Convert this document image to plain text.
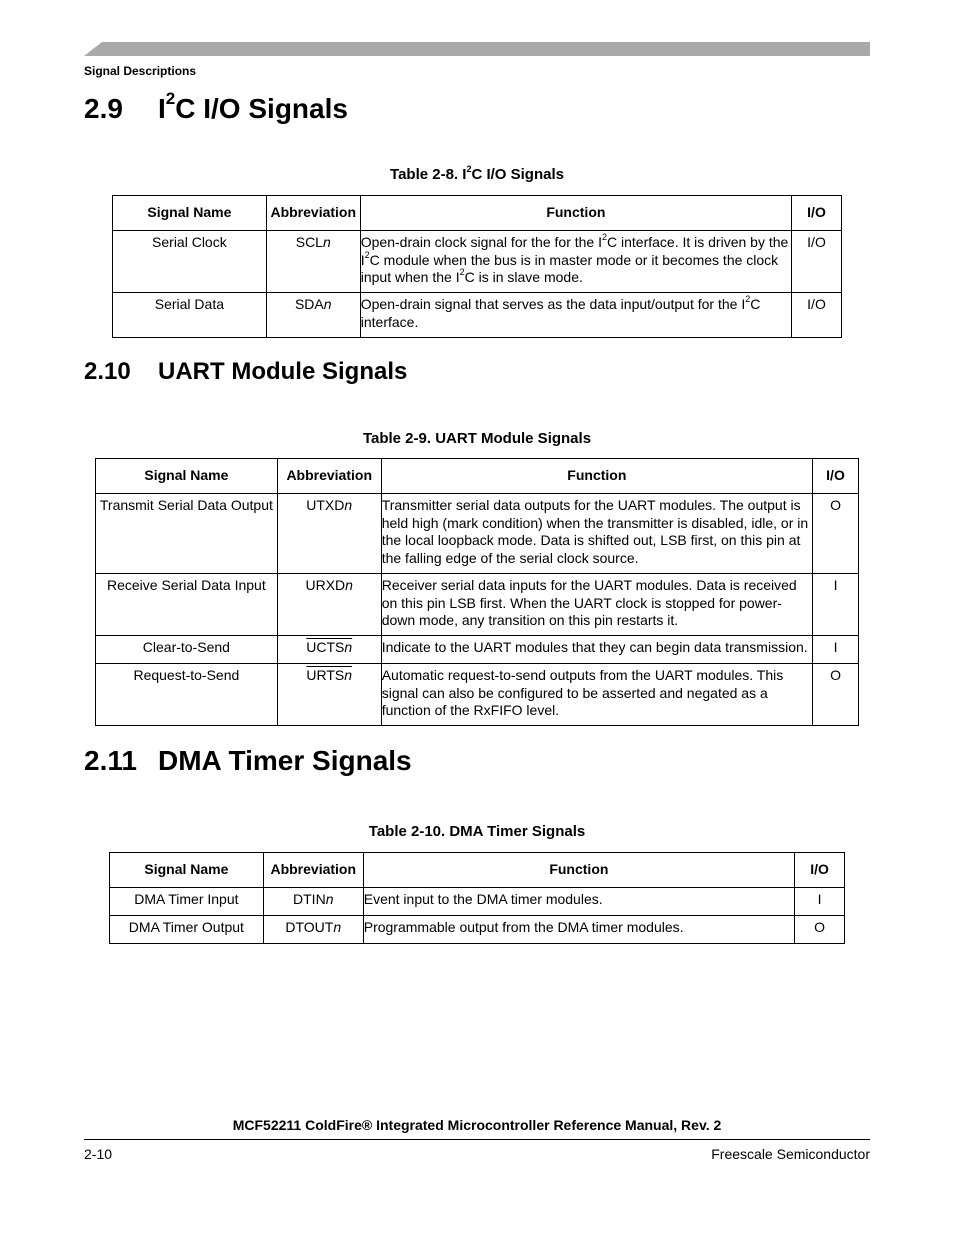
Signal Descriptions
2.9 $I^2C$ I/O Signals
Table 2-8. $I^2C$ I/O Signals
Signal Name	Abbreviation	Function	I/O
Serial Clock	SCLn	Open-drain clock signal for the for the $I^2C$ interface. It is driven by the $I^2C$ module when the bus is in master mode or it becomes the clock input when the $I^2C$ is in slave mode.	I/O
Serial Data	SDAn	Open-drain signal that serves as the data input/output for the $I^2C$ interface.	I/O
2.10 UART Module Signals
Table 2-9. UART Module Signals
Signal Name	Abbreviation	Function	I/O
Transmit Serial Data Output	UTXDn	Transmitter serial data outputs for the UART modules. The output is held high (mark condition) when the transmitter is disabled, idle, or in the local loopback mode. Data is shifted out, LSB first, on this pin at the falling edge of the serial clock source.	O
Receive Serial Data Input	URXDn	Receiver serial data inputs for the UART modules. Data is received on this pin LSB first. When the UART clock is stopped for power-down mode, any transition on this pin restarts it.	I
Clear-to-Send	UCTSn	Indicate to the UART modules that they can begin data transmission.	I
Request-to-Send	URTSn	Automatic request-to-send outputs from the UART modules. This signal can also be configured to be asserted and negated as a function of the RxFIFO level.	O
2.11 DMA Timer Signals
Table 2-10. DMA Timer Signals
Signal Name	Abbreviation	Function	I/O
DMA Timer Input	DTINn	Event input to the DMA timer modules.	I
DMA Timer Output	DTOUTn	Programmable output from the DMA timer modules.	O
MCF52211 ColdFire® Integrated Microcontroller Reference Manual, Rev. 2
2-10	Freescale Semiconductor
